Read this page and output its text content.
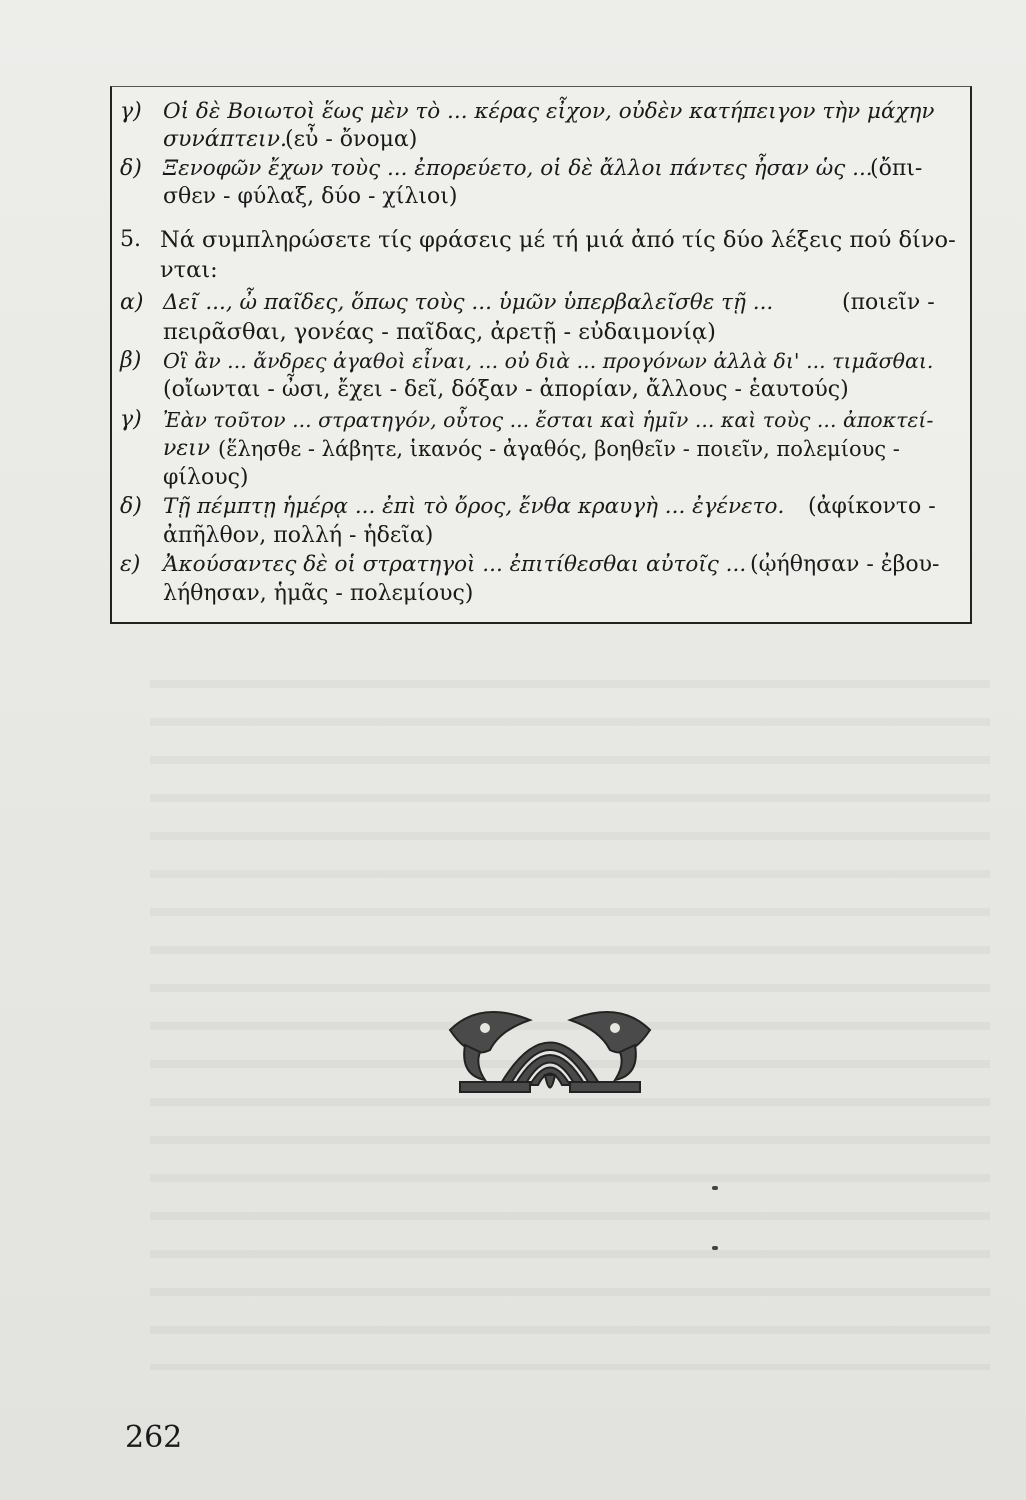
γ) Οἱ δὲ Βοιωτοὶ ἕως μὲν τὸ ... κέρας εἶχον, οὐδὲν κατήπειγον τὴν μάχην
συνάπτειν.
(εὖ - ὄνομα)
δ) Ξενοφῶν ἔχων τοὺς ... ἐπορεύετο, οἱ δὲ ἄλλοι πάντες ἦσαν ὡς ...
(ὄπι-
σθεν - φύλαξ, δύο - χίλιοι)
5. Νά συμπληρώσετε τίς φράσεις μέ τή μιά ἀπό τίς δύο λέξεις πού δίνο-
νται:
α) Δεῖ ..., ὦ παῖδες, ὅπως τοὺς ... ὑμῶν ὑπερβαλεῖσθε τῇ ...	(ποιεῖν -
πειρᾶσθαι, γονέας - παῖδας, ἀρετῇ - εὐδαιμονίᾳ)
β) Οἳ ἂν ... ἄνδρες ἀγαθοὶ εἶναι, ... οὐ διὰ ... προγόνων ἀλλὰ δι' ... τιμᾶσθαι.
(οἴωνται - ὦσι, ἔχει - δεῖ, δόξαν - ἀπορίαν, ἄλλους - ἑαυτούς)
γ) Ἐὰν τοῦτον ... στρατηγόν, οὗτος ... ἔσται καὶ ἡμῖν ... καὶ τοὺς ... ἀποκτεί-
νειν (ἕλησθε - λάβητε, ἱκανός - ἀγαθός, βοηθεῖν - ποιεῖν, πολεμίους -
φίλους)
δ) Τῇ πέμπτῃ ἡμέρᾳ ... ἐπὶ τὸ ὄρος, ἔνθα κραυγὴ ... ἐγένετο. (ἀφίκοντο -
ἀπῆλθον, πολλή - ἡδεῖα)
ε) Ἀκούσαντες δὲ οἱ στρατηγοὶ ... ἐπιτίθεσθαι αὐτοῖς ... (ᾠήθησαν - ἐβου-
λήθησαν, ἡμᾶς - πολεμίους)
262
